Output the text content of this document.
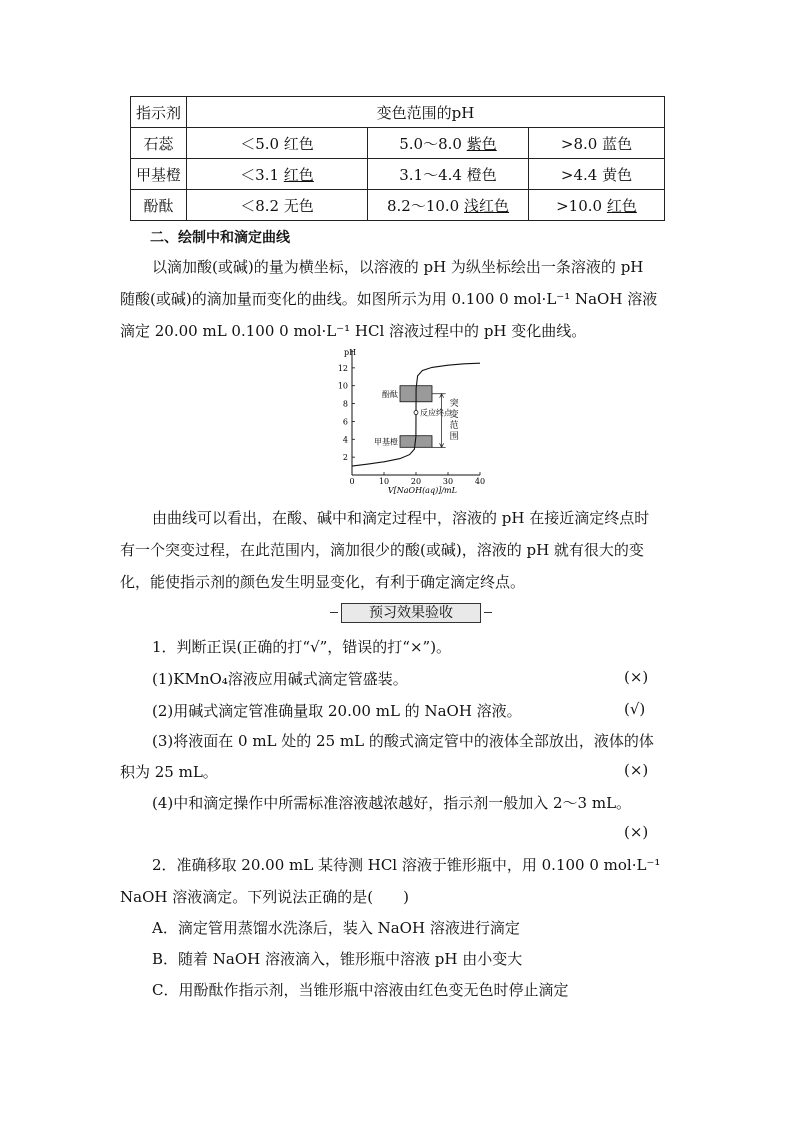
指示剂	变色范围的pH		
石蕊	＜5.0 红色	5.0～8.0 紫色	>8.0 蓝色
甲基橙	＜3.1 红色	3.1～4.4 橙色	>4.4 黄色
酚酞	＜8.2 无色	8.2～10.0 浅红色	>10.0 红色
二、绘制中和滴定曲线
以滴加酸(或碱)的量为横坐标，以溶液的 pH 为纵坐标绘出一条溶液的 pH
随酸(或碱)的滴加量而变化的曲线。如图所示为用 0.100 0 mol·L⁻¹ NaOH 溶液
滴定 20.00 mL 0.100 0 mol·L⁻¹ HCl 溶液过程中的 pH 变化曲线。
pH
V[NaOH(aq)]/mL
0	10	20	30	40
2
4
6
8
10
12
酚酞
甲基橙
反应终点
突
变
范
围
由曲线可以看出，在酸、碱中和滴定过程中，溶液的 pH 在接近滴定终点时
有一个突变过程，在此范围内，滴加很少的酸(或碱)，溶液的 pH 就有很大的变
化，能使指示剂的颜色发生明显变化，有利于确定滴定终点。
预习效果验收
1．判断正误(正确的打“√”，错误的打“×”)。
(1)KMnO₄溶液应用碱式滴定管盛装。	(×)
(2)用碱式滴定管准确量取 20.00 mL 的 NaOH 溶液。	(√)
(3)将液面在 0 mL 处的 25 mL 的酸式滴定管中的液体全部放出，液体的体
积为 25 mL。	(×)
(4)中和滴定操作中所需标准溶液越浓越好，指示剂一般加入 2～3 mL。
(×)
2．准确移取 20.00 mL 某待测 HCl 溶液于锥形瓶中，用 0.100 0 mol·L⁻¹
NaOH 溶液滴定。下列说法正确的是(　　)
A．滴定管用蒸馏水洗涤后，装入 NaOH 溶液进行滴定
B．随着 NaOH 溶液滴入，锥形瓶中溶液 pH 由小变大
C．用酚酞作指示剂，当锥形瓶中溶液由红色变无色时停止滴定
